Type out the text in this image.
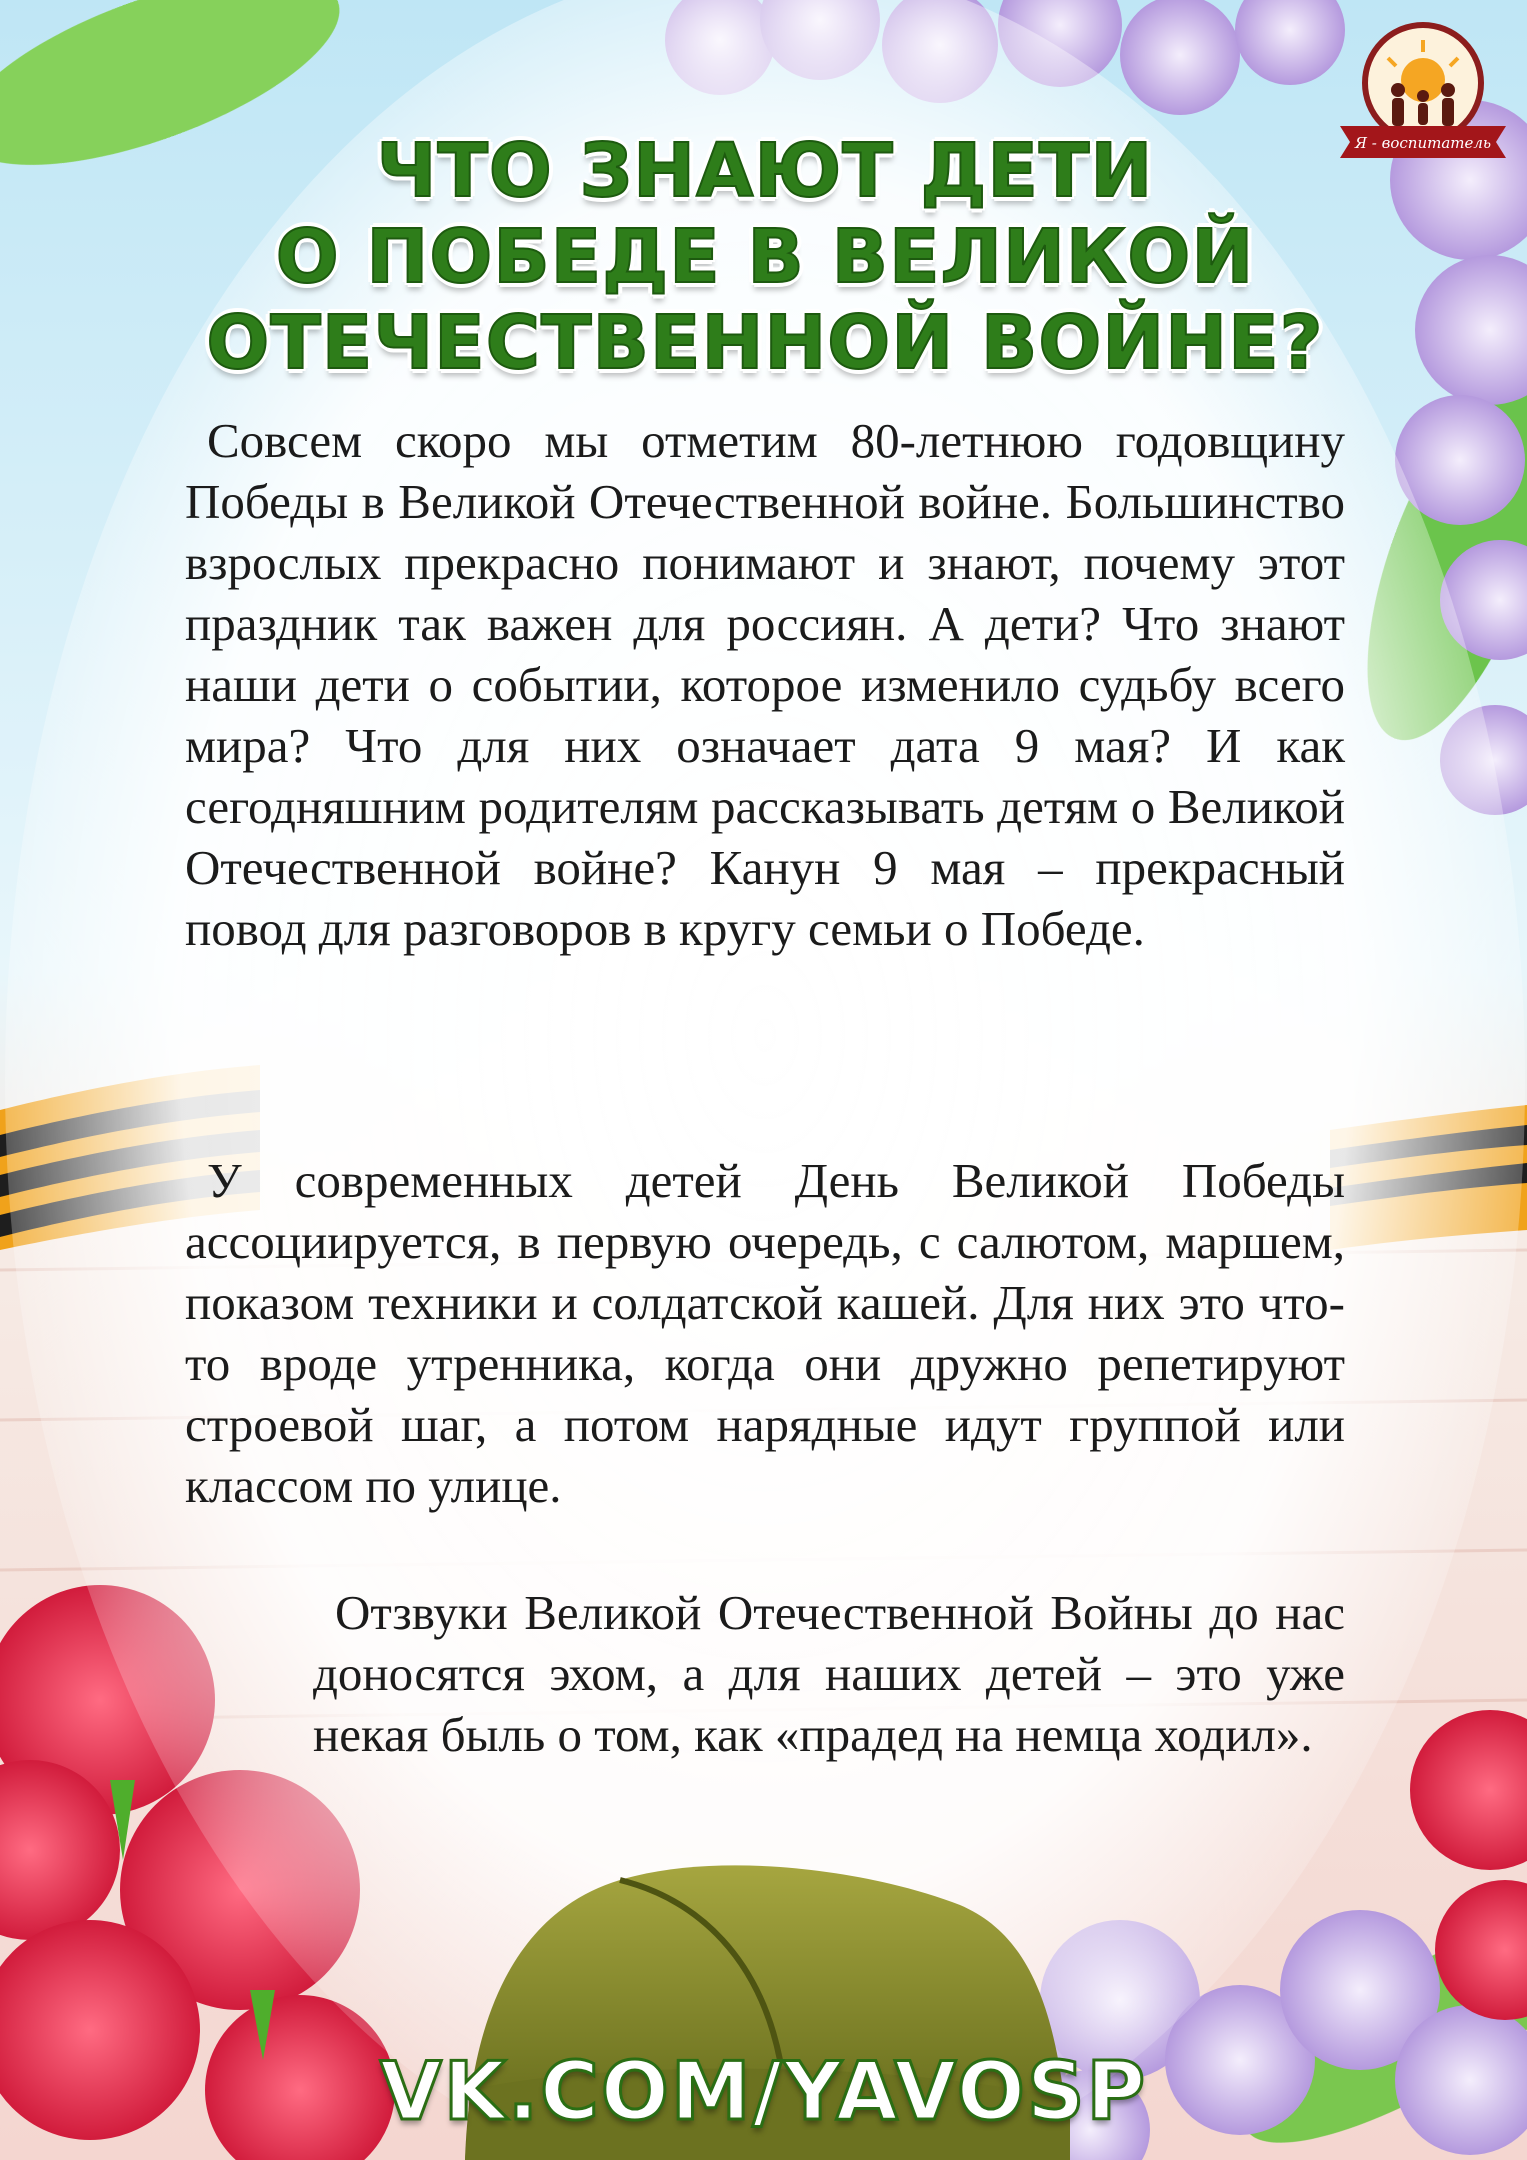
Я - воспитатель
ЧТО ЗНАЮТ ДЕТИ
О ПОБЕДЕ В ВЕЛИКОЙ
ОТЕЧЕСТВЕННОЙ ВОЙНЕ?

Совсем скоро мы отметим 80-летнюю годовщину Победы в Великой Отечественной войне. Большинство взрослых прекрасно понимают и знают, почему этот праздник так важен для россиян. А дети? Что знают наши дети о событии, которое изменило судьбу всего мира? Что для них означает дата 9 мая? И как сегодняшним родителям рассказывать детям о Великой Отечественной войне? Канун 9 мая – прекрасный повод для разговоров в кругу семьи о Победе.

У современных детей День Великой Победы ассоциируется, в первую очередь, с салютом, маршем, показом техники и солдатской кашей. Для них это что-то вроде утренника, когда они дружно репетируют строевой шаг, а потом нарядные идут группой или классом по улице.

Отзвуки Великой Отечественной Войны до нас доносятся эхом, а для наших детей – это уже некая быль о том, как «прадед на немца ходил».

VK.COM/YAVOSP
